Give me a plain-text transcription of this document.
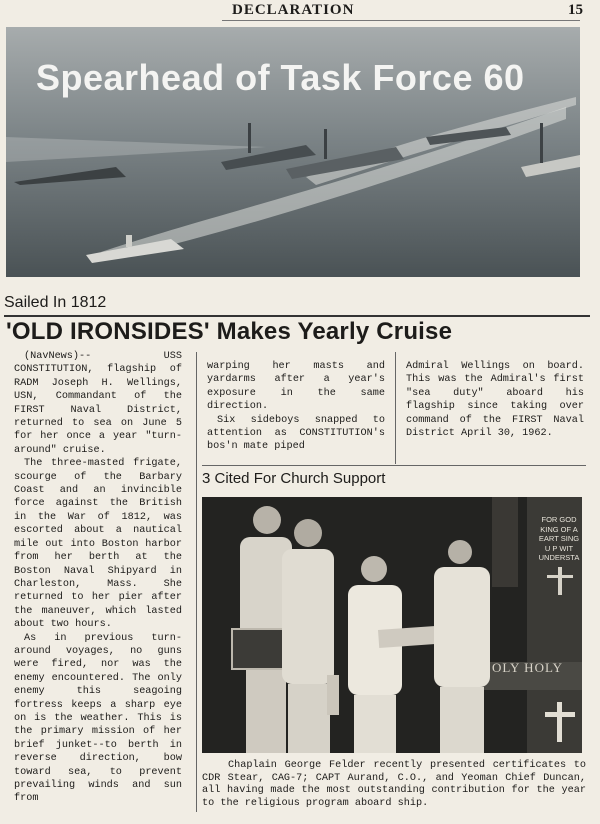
DECLARATION	15
Spearhead of Task Force 60
Sailed In 1812
'OLD IRONSIDES' Makes Yearly Cruise

(NavNews)-- USS CONSTITUTION, flagship of RADM Joseph H. Wellings, USN, Commandant of the FIRST Naval District, returned to sea on June 5 for her once a year "turn-around" cruise.

The three-masted frigate, scourge of the Barbary Coast and an invincible force against the British in the War of 1812, was escorted about a nautical mile out into Boston harbor from her berth at the Boston Naval Shipyard in Charleston, Mass. She returned to her pier after the maneuver, which lasted about two hours.

As in previous turn-around voyages, no guns were fired, nor was the enemy encountered. The only enemy this seagoing fortress keeps a sharp eye on is the weather. This is the primary mission of her brief junket--to berth in reverse direction, bow toward sea, to prevent prevailing winds and sun from

warping her masts and yardarms after a year's exposure in the same direction.

Six sideboys snapped to attention as CONSTITUTION's bos'n mate piped

Admiral Wellings on board. This was the Admiral's first "sea duty" aboard his flagship since taking over command of the FIRST Naval District April 30, 1962.

3 Cited For Church Support
FOR GOD KING OF A EART SING U P WIT UNDERSTA
OLY HOLY

Chaplain George Felder recently presented certificates to CDR Stear, CAG-7; CAPT Aurand, C.O., and Yeoman Chief Duncan, all having made the most outstanding contribution for the year to the religious program aboard ship.
